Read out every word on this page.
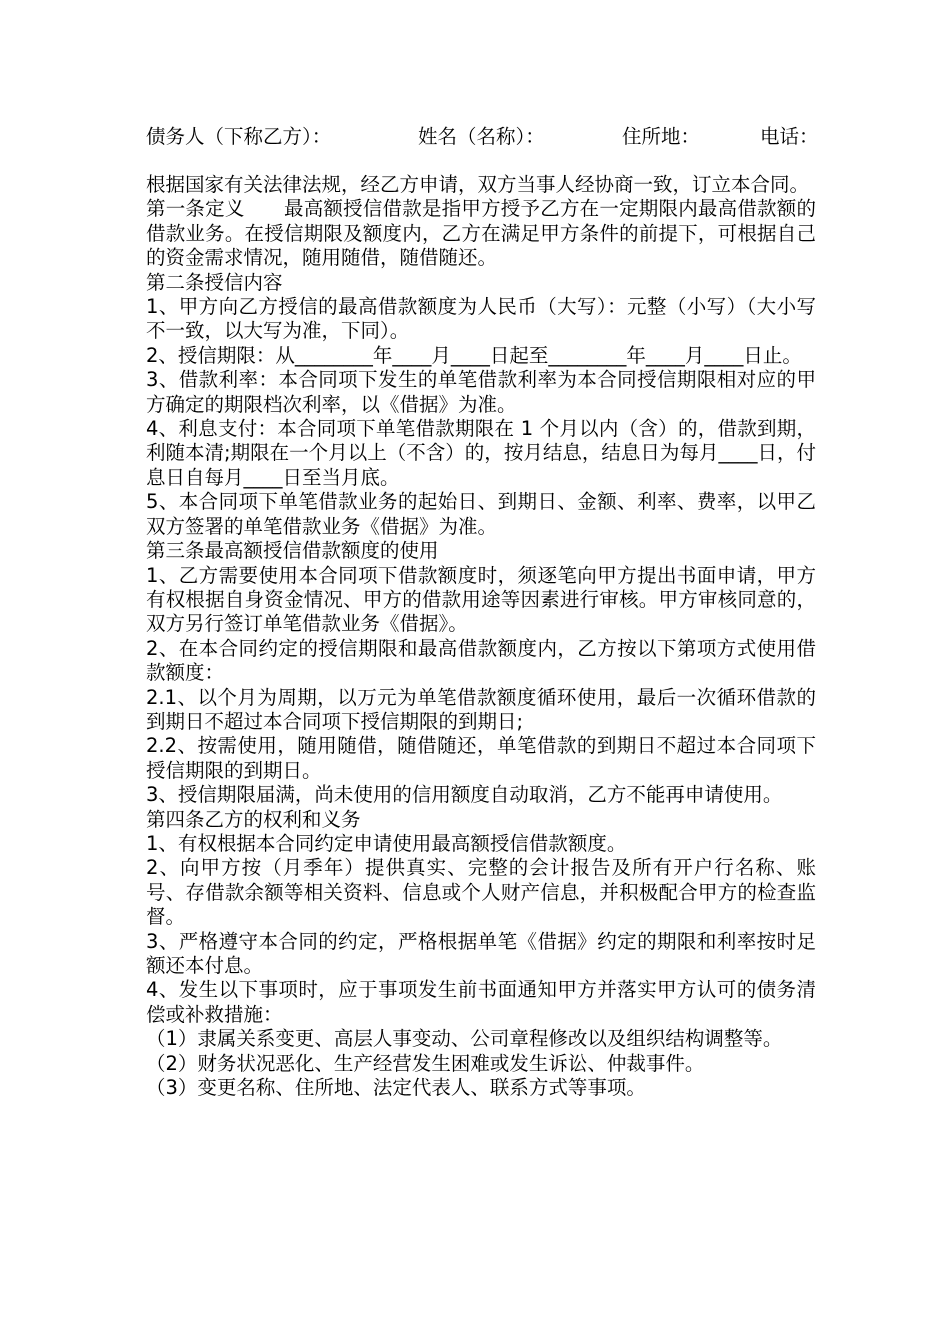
债务人（下称乙方）：	姓名（名称）：	住所地：	电话：

根据国家有关法律法规，经乙方申请，双方当事人经协商一致，订立本合同。

第一条定义　　最高额授信借款是指甲方授予乙方在一定期限内最高借款额的借款业务。在授信期限及额度内，乙方在满足甲方条件的前提下，可根据自己的资金需求情况，随用随借，随借随还。

第二条授信内容

1、甲方向乙方授信的最高借款额度为人民币（大写）：元整（小写）（大小写不一致，以大写为准，下同）。

2、授信期限：从________年____月____日起至________年____月____日止。

3、借款利率：本合同项下发生的单笔借款利率为本合同授信期限相对应的甲方确定的期限档次利率，以《借据》为准。

4、利息支付：本合同项下单笔借款期限在 1 个月以内（含）的，借款到期，利随本清;期限在一个月以上（不含）的，按月结息，结息日为每月____日，付息日自每月____日至当月底。

5、本合同项下单笔借款业务的起始日、到期日、金额、利率、费率，以甲乙双方签署的单笔借款业务《借据》为准。

第三条最高额授信借款额度的使用

1、乙方需要使用本合同项下借款额度时，须逐笔向甲方提出书面申请，甲方有权根据自身资金情况、甲方的借款用途等因素进行审核。甲方审核同意的，双方另行签订单笔借款业务《借据》。

2、在本合同约定的授信期限和最高借款额度内，乙方按以下第项方式使用借款额度：

2.1、以个月为周期，以万元为单笔借款额度循环使用，最后一次循环借款的到期日不超过本合同项下授信期限的到期日;

2.2、按需使用，随用随借，随借随还，单笔借款的到期日不超过本合同项下授信期限的到期日。

3、授信期限届满，尚未使用的信用额度自动取消，乙方不能再申请使用。

第四条乙方的权利和义务

1、有权根据本合同约定申请使用最高额授信借款额度。

2、向甲方按（月季年）提供真实、完整的会计报告及所有开户行名称、账号、存借款余额等相关资料、信息或个人财产信息，并积极配合甲方的检查监督。

3、严格遵守本合同的约定，严格根据单笔《借据》约定的期限和利率按时足额还本付息。

4、发生以下事项时，应于事项发生前书面通知甲方并落实甲方认可的债务清偿或补救措施：

（1）隶属关系变更、高层人事变动、公司章程修改以及组织结构调整等。

（2）财务状况恶化、生产经营发生困难或发生诉讼、仲裁事件。

（3）变更名称、住所地、法定代表人、联系方式等事项。
